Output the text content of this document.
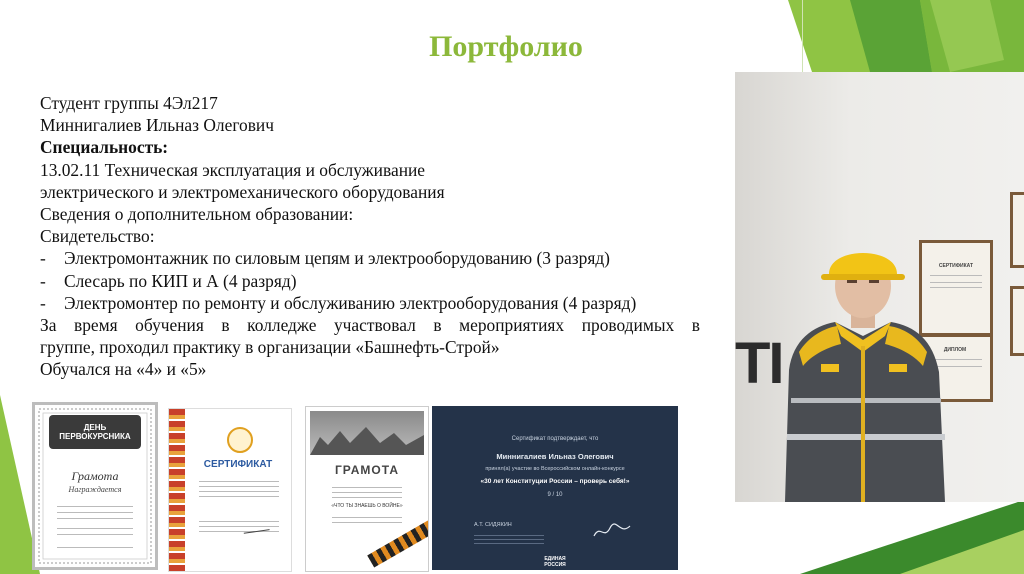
Портфолио
Студент группы 4Эл217
Миннигалиев Ильназ Олегович
Специальность:
13.02.11 Техническая эксплуатация и обслуживание
электрического и электромеханического оборудования
Сведения о дополнительном образовании:
Свидетельство:
- Электромонтажник по силовым цепям и электрооборудованию (3 разряд)
- Слесарь по КИП и А (4 разряд)
- Электромонтер по ремонту и обслуживанию электрооборудования (4 разряд)
За время обучения в колледже участвовал в мероприятиях проводимых в
группе, проходил практику в организации «Башнефть-Строй»
Обучался на «4» и «5»
ДЕНЬ ПЕРВОКУРСНИКА
Грамота
Награждается
СЕРТИФИКАТ	ГРАМОТА
«ЧТО ТЫ ЗНАЕШЬ О ВОЙНЕ»
Сертификат подтверждает, что
Миннигалиев Ильназ Олегович
принял(а) участие во Всероссийском онлайн-конкурсе
«30 лет Конституции России – проверь себя!»
9 / 10
А.Т. СИДЯКИН
ЕДИНАЯ РОССИЯ
TI
СЕРТИФИКАТ
ДИПЛОМ
